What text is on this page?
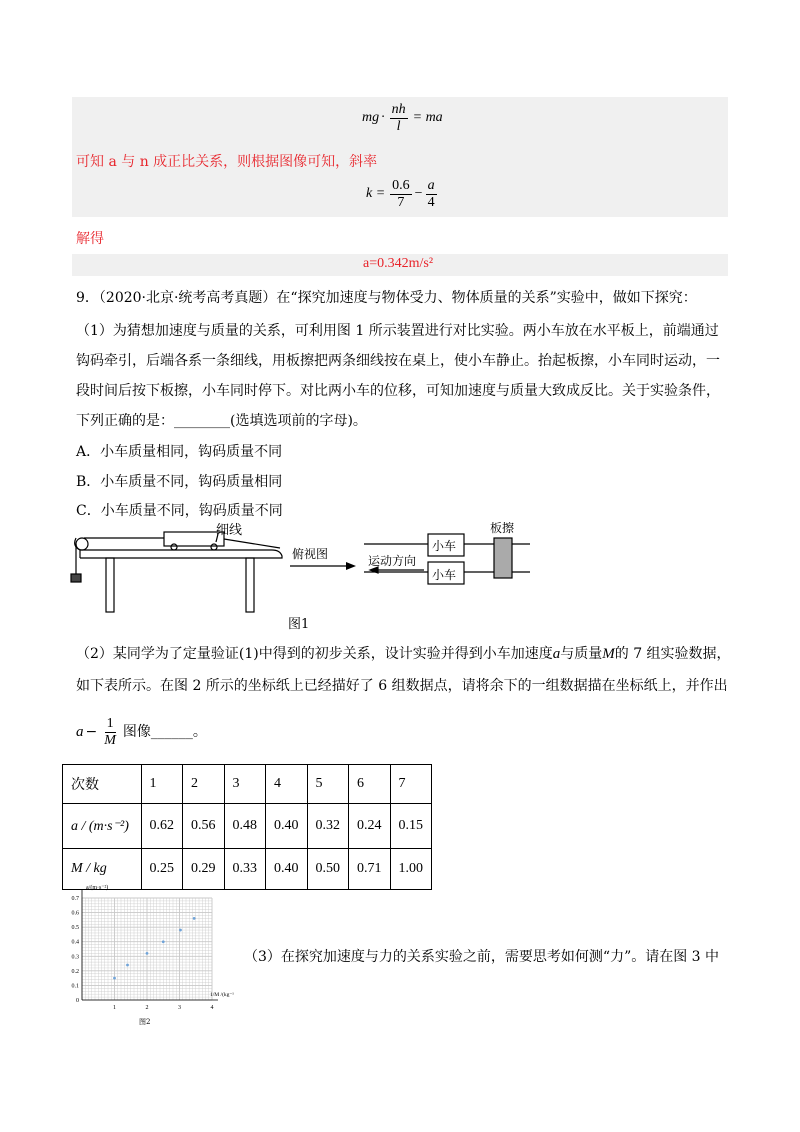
mg · $\frac{nh}{l}$ = ma
可知 a 与 n 成正比关系，则根据图像可知，斜率
$k = \frac{0.6}{7} - \frac{a}{4}$
解得
a=0.342m/s²
9．（2020·北京·统考高考真题）在“探究加速度与物体受力、物体质量的关系”实验中，做如下探究：
（1）为猜想加速度与质量的关系，可利用图 1 所示装置进行对比实验。两小车放在水平板上，前端通过钩码牵引，后端各系一条细线，用板擦把两条细线按在桌上，使小车静止。抬起板擦，小车同时运动，一段时间后按下板擦，小车同时停下。对比两小车的位移，可知加速度与质量大致成反比。关于实验条件，下列正确的是：________(选填选项前的字母)。
A．小车质量相同，钩码质量不同
B．小车质量不同，钩码质量相同
C．小车质量不同，钩码质量不同
细线
俯视图
小车
小车
板擦
运动方向
图1
（2）某同学为了定量验证(1)中得到的初步关系，设计实验并得到小车加速度a与质量M的 7 组实验数据，
如下表所示。在图 2 所示的坐标纸上已经描好了 6 组数据点，请将余下的一组数据描在坐标纸上，并作出
$a - \frac{1}{M}$ 图像______。
次数	1	2	3	4	5	6	7
a / (m·s⁻²)	0.62	0.56	0.48	0.40	0.32	0.24	0.15
M / kg	0.25	0.29	0.33	0.40	0.50	0.71	1.00
0
0.1
0.2
0.3
0.4
0.5
0.6
0.7
1	2	3	4
a/(m·s⁻²)
1/M /(kg⁻¹)
图2
（3）在探究加速度与力的关系实验之前，需要思考如何测“力”。请在图 3 中
